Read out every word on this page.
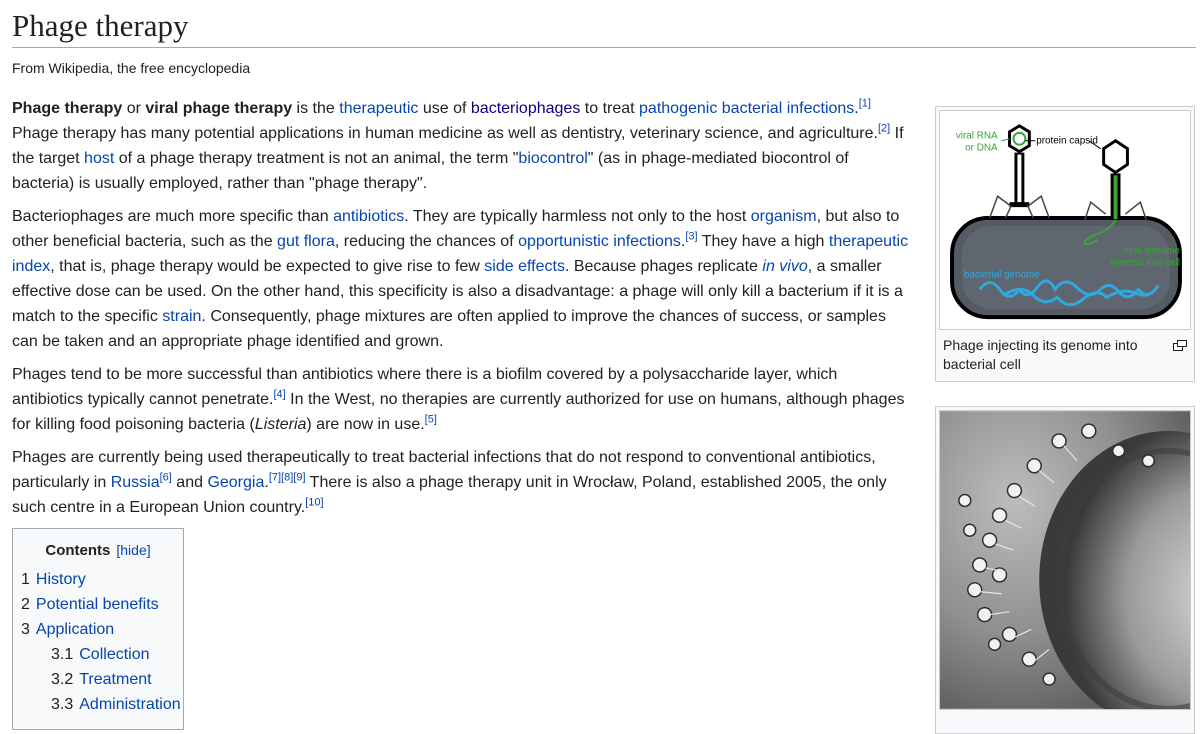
Phage therapy
From Wikipedia, the free encyclopedia

Phage therapy or viral phage therapy is the therapeutic use of bacteriophages to treat pathogenic bacterial infections.[1] Phage therapy has many potential applications in human medicine as well as dentistry, veterinary science, and agriculture.[2] If the target host of a phage therapy treatment is not an animal, the term "biocontrol" (as in phage-mediated biocontrol of bacteria) is usually employed, rather than "phage therapy".

Bacteriophages are much more specific than antibiotics. They are typically harmless not only to the host organism, but also to other beneficial bacteria, such as the gut flora, reducing the chances of opportunistic infections.[3] They have a high therapeutic index, that is, phage therapy would be expected to give rise to few side effects. Because phages replicate in vivo, a smaller effective dose can be used. On the other hand, this specificity is also a disadvantage: a phage will only kill a bacterium if it is a match to the specific strain. Consequently, phage mixtures are often applied to improve the chances of success, or samples can be taken and an appropriate phage identified and grown.

Phages tend to be more successful than antibiotics where there is a biofilm covered by a polysaccharide layer, which antibiotics typically cannot penetrate.[4] In the West, no therapies are currently authorized for use on humans, although phages for killing food poisoning bacteria (Listeria) are now in use.[5]

Phages are currently being used therapeutically to treat bacterial infections that do not respond to conventional antibiotics, particularly in Russia[6] and Georgia.[7][8][9] There is also a phage therapy unit in Wrocław, Poland, established 2005, the only such centre in a European Union country.[10]

Contents [hide]
1 History
2 Potential benefits
3 Application
3.1 Collection
3.2 Treatment
3.3 Administration
viral RNA
or DNA
protein capsid
bacterial genome
viral genome
injected into cell
Phage injecting its genome into bacterial cell
